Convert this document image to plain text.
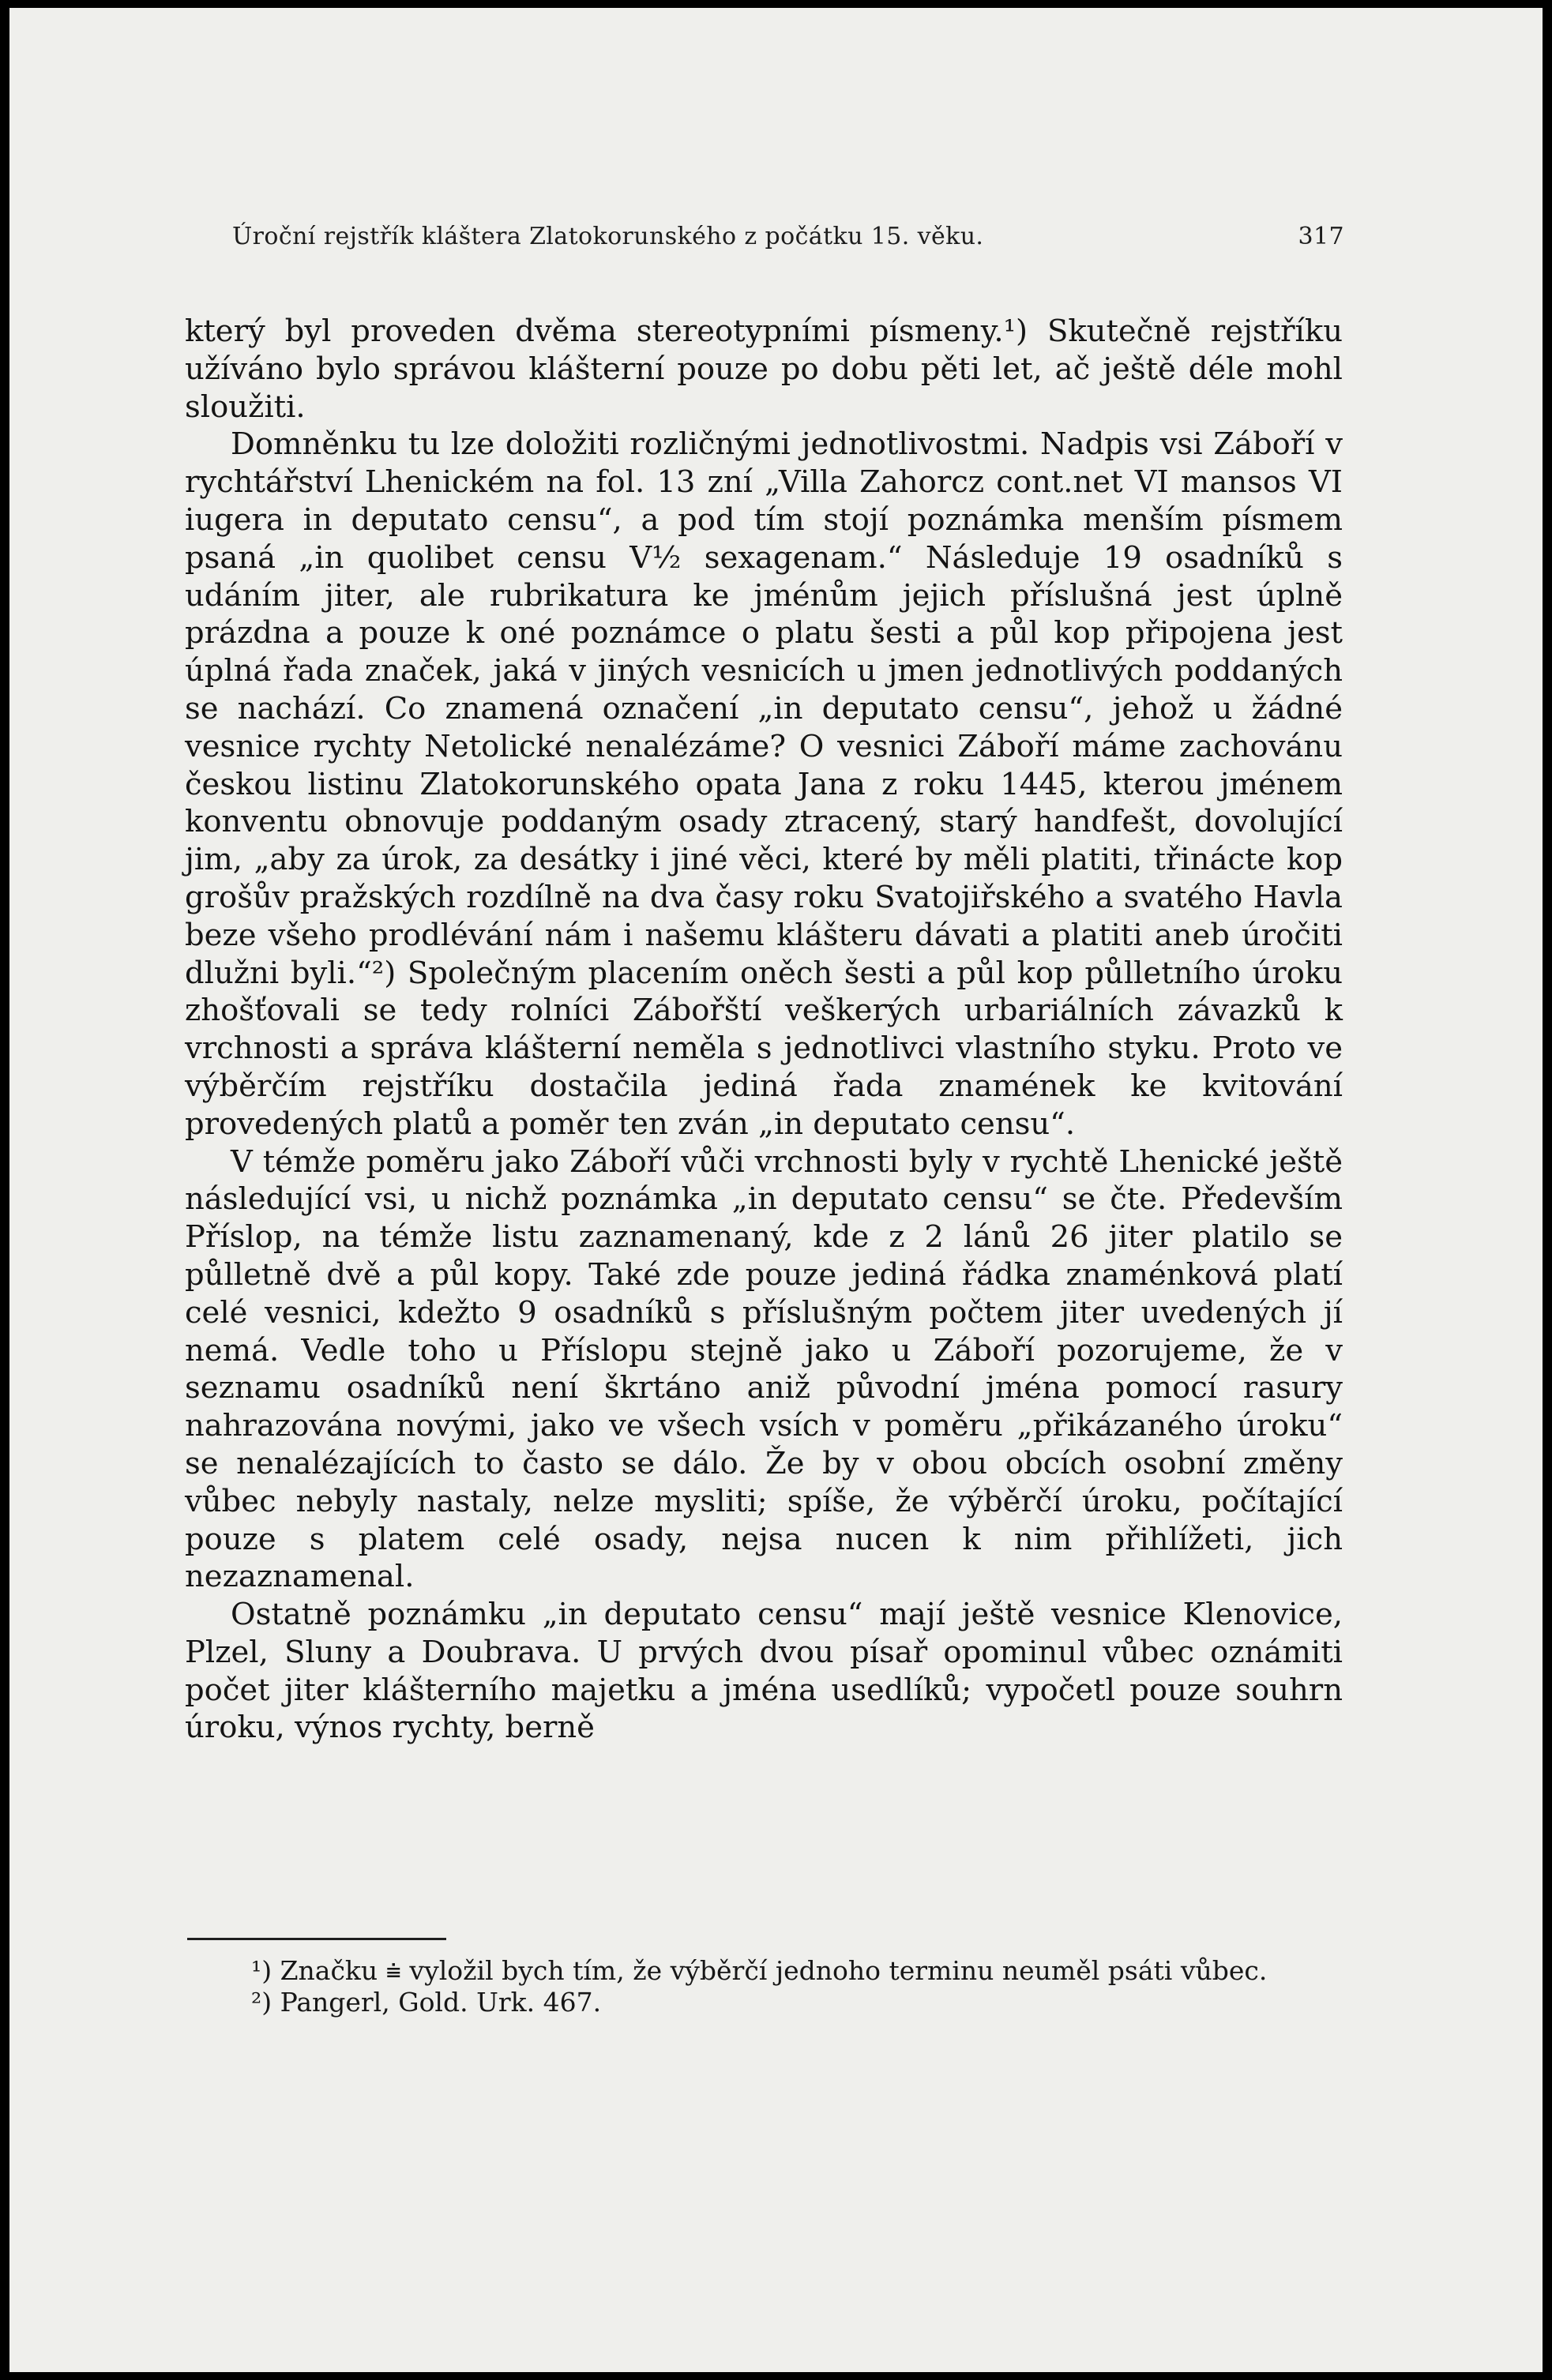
Úroční rejstřík kláštera Zlatokorunského z počátku 15. věku.	317

který byl proveden dvěma stereotypními písmeny.¹) Skutečně rejstříku užíváno bylo správou klášterní pouze po dobu pěti let, ač ještě déle mohl sloužiti.

Domněnku tu lze doložiti rozličnými jednotlivostmi. Nadpis vsi Záboří v rychtářství Lhenickém na fol. 13 zní „Villa Zahorcz cont.net VI mansos VI iugera in deputato censu“, a pod tím stojí poznámka menším písmem psaná „in quolibet censu V½ sexagenam.“ Následuje 19 osadníků s udáním jiter, ale rubrikatura ke jménům jejich příslušná jest úplně prázdna a pouze k oné poznámce o platu šesti a půl kop připojena jest úplná řada značek, jaká v jiných vesnicích u jmen jednotlivých poddaných se nachází. Co znamená označení „in deputato censu“, jehož u žádné vesnice rychty Netolické nenalézáme? O vesnici Záboří máme zachovánu českou listinu Zlatokorunského opata Jana z roku 1445, kterou jménem konventu obnovuje poddaným osady ztracený, starý handfešt, dovolující jim, „aby za úrok, za desátky i jiné věci, které by měli platiti, třinácte kop grošův pražských rozdílně na dva časy roku Svatojiřského a svatého Havla beze všeho prodlévání nám i našemu klášteru dávati a platiti aneb úročiti dlužni byli.“²) Společným placením oněch šesti a půl kop půlletního úroku zhošťovali se tedy rolníci Zábořští veškerých urbariálních závazků k vrchnosti a správa klášterní neměla s jednotlivci vlastního styku. Proto ve výběrčím rejstříku dostačila jediná řada znamének ke kvitování provedených platů a poměr ten zván „in deputato censu“.

V témže poměru jako Záboří vůči vrchnosti byly v rychtě Lhenické ještě následující vsi, u nichž poznámka „in deputato censu“ se čte. Především Příslop, na témže listu zaznamenaný, kde z 2 lánů 26 jiter platilo se půlletně dvě a půl kopy. Také zde pouze jediná řádka znaménková platí celé vesnici, kdežto 9 osadníků s příslušným počtem jiter uvedených jí nemá. Vedle toho u Příslopu stejně jako u Záboří pozorujeme, že v seznamu osadníků není škrtáno aniž původní jména pomocí rasury nahrazována novými, jako ve všech vsích v poměru „přikázaného úroku“ se nenalézajících to často se dálo. Že by v obou obcích osobní změny vůbec nebyly nastaly, nelze mysliti; spíše, že výběrčí úroku, počítající pouze s platem celé osady, nejsa nucen k nim přihlížeti, jich nezaznamenal.

Ostatně poznámku „in deputato censu“ mají ještě vesnice Klenovice, Plzel, Sluny a Doubrava. U prvých dvou písař opominul vůbec oznámiti počet jiter klášterního majetku a jména usedlíků; vypočetl pouze souhrn úroku, výnos rychty, berně

¹) Značku ⩧ vyložil bych tím, že výběrčí jednoho terminu neuměl psáti vůbec.

²) Pangerl, Gold. Urk. 467.
